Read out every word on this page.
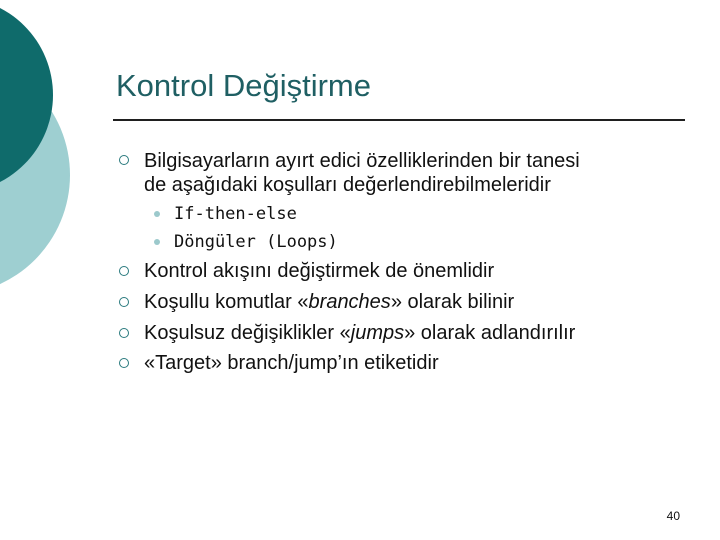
Kontrol Değiştirme
Bilgisayarların ayırt edici özelliklerinden bir tanesi
de aşağıdaki koşulları değerlendirebilmeleridir
If-then-else
Döngüler (Loops)
Kontrol akışını değiştirmek de önemlidir
Koşullu komutlar «branches» olarak bilinir
Koşulsuz değişiklikler «jumps» olarak adlandırılır
«Target» branch/jump’ın etiketidir
40
